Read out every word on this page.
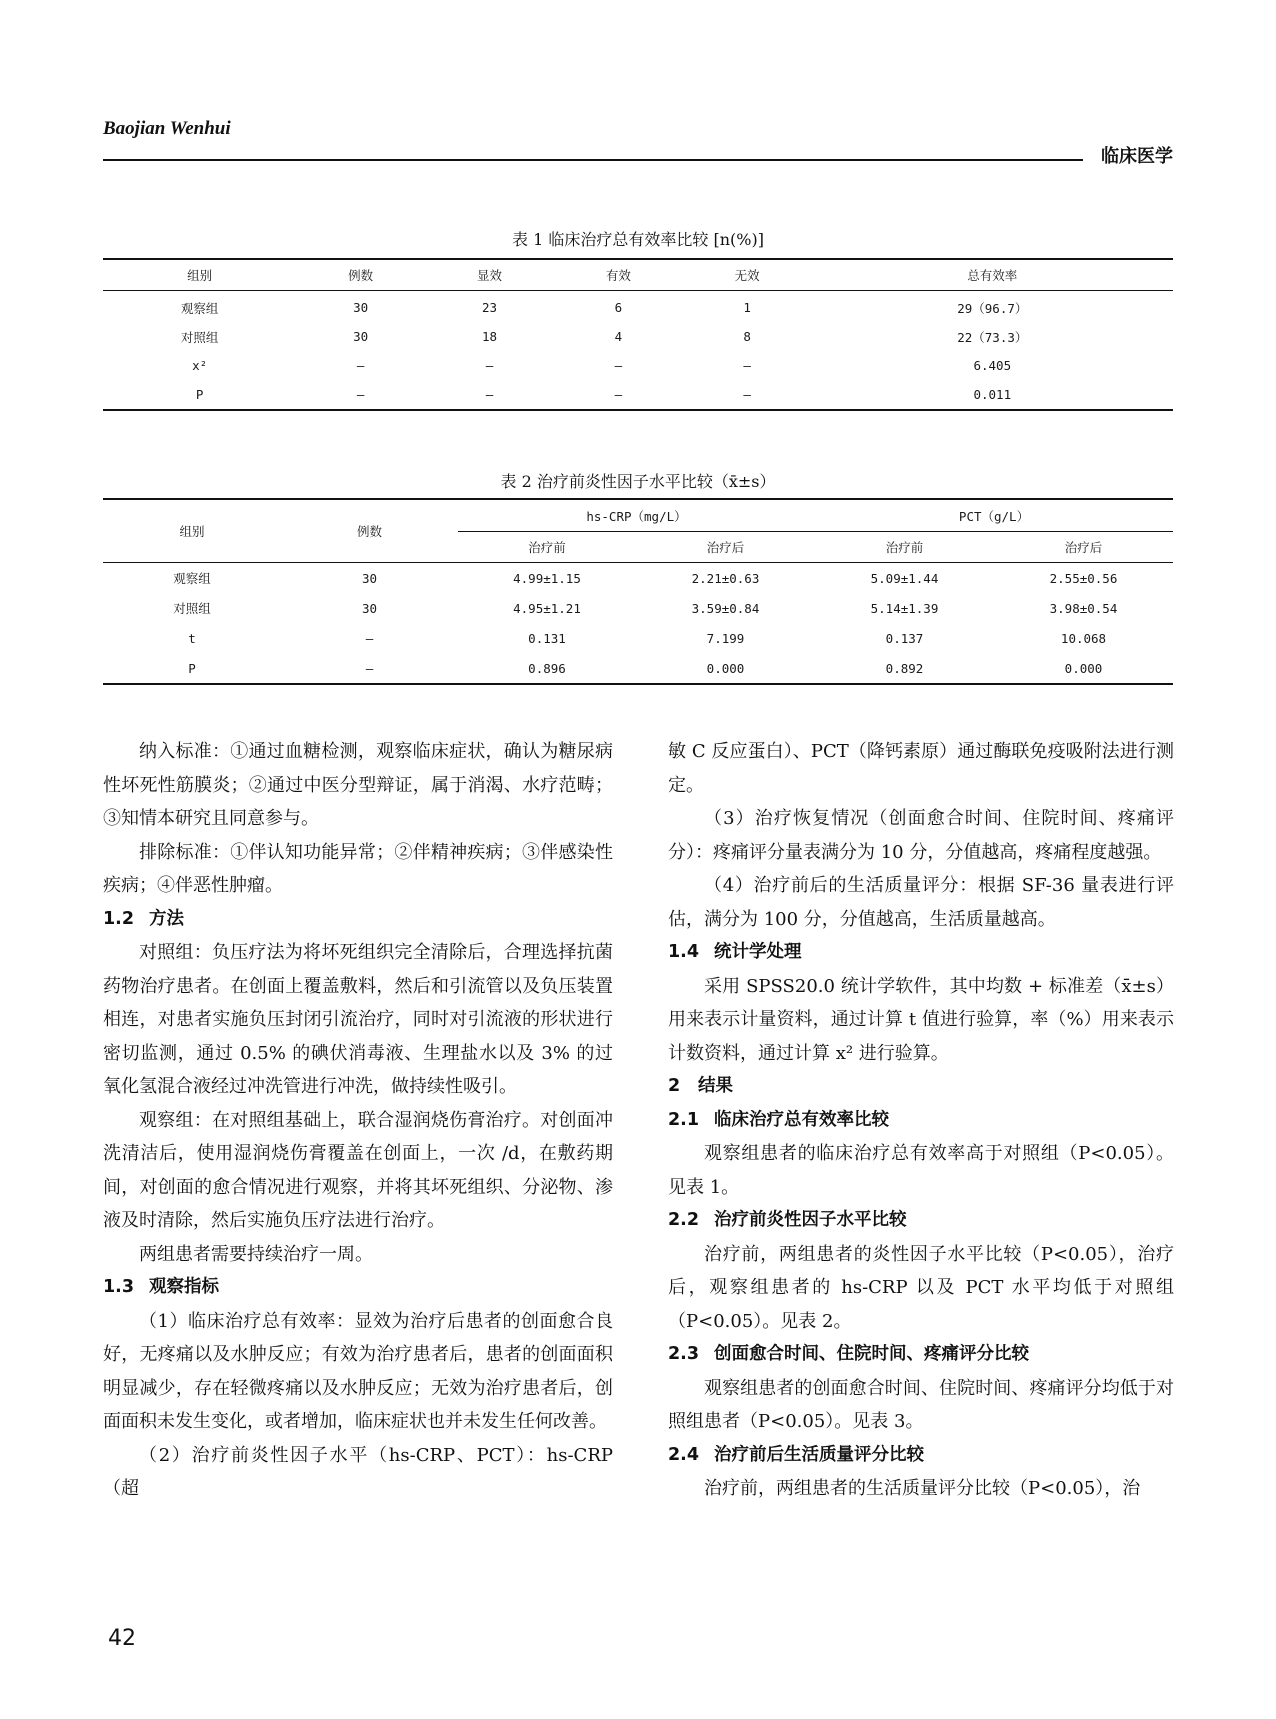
Baojian Wenhui
临床医学
表 1 临床治疗总有效率比较 [n(%)]
组别	例数	显效	有效	无效	总有效率
观察组	30	23	6	1	29（96.7）
对照组	30	18	4	8	22（73.3）
x²	–	–	–	–	6.405
P	–	–	–	–	0.011
表 2 治疗前炎性因子水平比较（x̄±s）
组别	例数	hs-CRP（mg/L）		PCT（g/L）	
		治疗前	治疗后	治疗前	治疗后
观察组	30	4.99±1.15	2.21±0.63	5.09±1.44	2.55±0.56
对照组	30	4.95±1.21	3.59±0.84	5.14±1.39	3.98±0.54
t	–	0.131	7.199	0.137	10.068
P	–	0.896	0.000	0.892	0.000

纳入标准：①通过血糖检测，观察临床症状，确认为糖尿病性坏死性筋膜炎；②通过中医分型辩证，属于消渴、水疗范畴；③知情本研究且同意参与。

排除标准：①伴认知功能异常；②伴精神疾病；③伴感染性疾病；④伴恶性肿瘤。

1.2 方法

对照组：负压疗法为将坏死组织完全清除后，合理选择抗菌药物治疗患者。在创面上覆盖敷料，然后和引流管以及负压装置相连，对患者实施负压封闭引流治疗，同时对引流液的形状进行密切监测，通过 0.5% 的碘伏消毒液、生理盐水以及 3% 的过氧化氢混合液经过冲洗管进行冲洗，做持续性吸引。

观察组：在对照组基础上，联合湿润烧伤膏治疗。对创面冲洗清洁后，使用湿润烧伤膏覆盖在创面上，一次 /d，在敷药期间，对创面的愈合情况进行观察，并将其坏死组织、分泌物、渗液及时清除，然后实施负压疗法进行治疗。

两组患者需要持续治疗一周。

1.3 观察指标

（1）临床治疗总有效率：显效为治疗后患者的创面愈合良好，无疼痛以及水肿反应；有效为治疗患者后，患者的创面面积明显减少，存在轻微疼痛以及水肿反应；无效为治疗患者后，创面面积未发生变化，或者增加，临床症状也并未发生任何改善。

（2）治疗前炎性因子水平（hs-CRP、PCT）：hs-CRP（超

敏 C 反应蛋白）、PCT（降钙素原）通过酶联免疫吸附法进行测定。

（3）治疗恢复情况（创面愈合时间、住院时间、疼痛评分）：疼痛评分量表满分为 10 分，分值越高，疼痛程度越强。

（4）治疗前后的生活质量评分：根据 SF-36 量表进行评估，满分为 100 分，分值越高，生活质量越高。

1.4 统计学处理

采用 SPSS20.0 统计学软件，其中均数 + 标准差（x̄±s）用来表示计量资料，通过计算 t 值进行验算，率（%）用来表示计数资料，通过计算 x² 进行验算。

2 结果

2.1 临床治疗总有效率比较

观察组患者的临床治疗总有效率高于对照组（P<0.05）。见表 1。

2.2 治疗前炎性因子水平比较

治疗前，两组患者的炎性因子水平比较（P<0.05），治疗后，观察组患者的 hs-CRP 以及 PCT 水平均低于对照组（P<0.05）。见表 2。

2.3 创面愈合时间、住院时间、疼痛评分比较

观察组患者的创面愈合时间、住院时间、疼痛评分均低于对照组患者（P<0.05）。见表 3。

2.4 治疗前后生活质量评分比较

治疗前，两组患者的生活质量评分比较（P<0.05），治

42
